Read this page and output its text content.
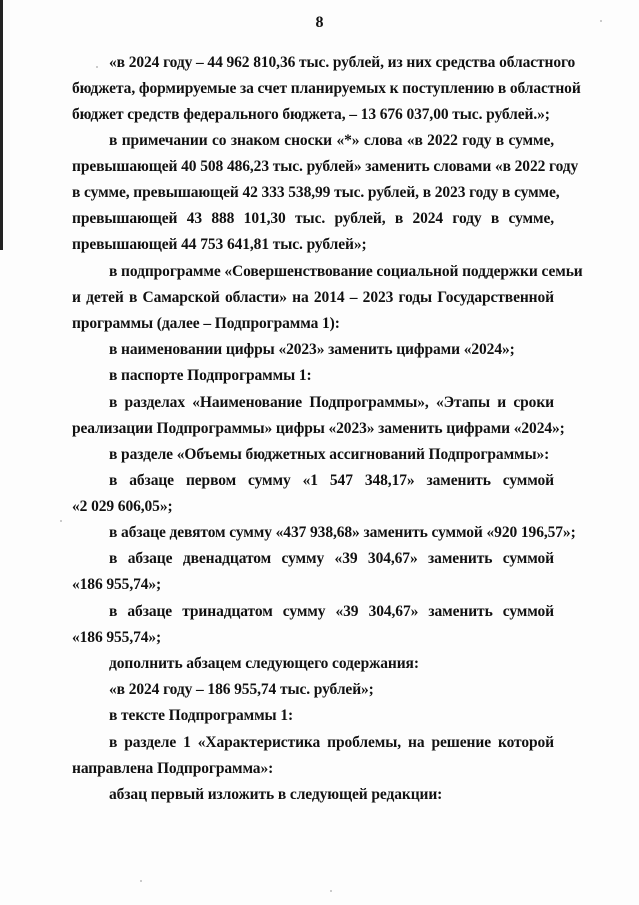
8
«в 2024 году – 44 962 810,36 тыс. рублей, из них средства областного
бюджета, формируемые за счет планируемых к поступлению в областной
бюджет средств федерального бюджета, – 13 676 037,00 тыс. рублей.»;
в примечании со знаком сноски «*» слова «в 2022 году в сумме,
превышающей 40 508 486,23 тыс. рублей» заменить словами «в 2022 году
в сумме, превышающей 42 333 538,99 тыс. рублей, в 2023 году в сумме,
превышающей 43 888 101,30 тыс. рублей, в 2024 году в сумме,
превышающей 44 753 641,81 тыс. рублей»;
в подпрограмме «Совершенствование социальной поддержки семьи
и детей в Самарской области» на 2014 – 2023 годы Государственной
программы (далее – Подпрограмма 1):
в наименовании цифры «2023» заменить цифрами «2024»;
в паспорте Подпрограммы 1:
в разделах «Наименование Подпрограммы», «Этапы и сроки
реализации Подпрограммы» цифры «2023» заменить цифрами «2024»;
в разделе «Объемы бюджетных ассигнований Подпрограммы»:
в абзаце первом сумму «1 547 348,17» заменить суммой
«2 029 606,05»;
в абзаце девятом сумму «437 938,68» заменить суммой «920 196,57»;
в абзаце двенадцатом сумму «39 304,67» заменить суммой
«186 955,74»;
в абзаце тринадцатом сумму «39 304,67» заменить суммой
«186 955,74»;
дополнить абзацем следующего содержания:
«в 2024 году – 186 955,74 тыс. рублей»;
в тексте Подпрограммы 1:
в разделе 1 «Характеристика проблемы, на решение которой
направлена Подпрограмма»:
абзац первый изложить в следующей редакции:
